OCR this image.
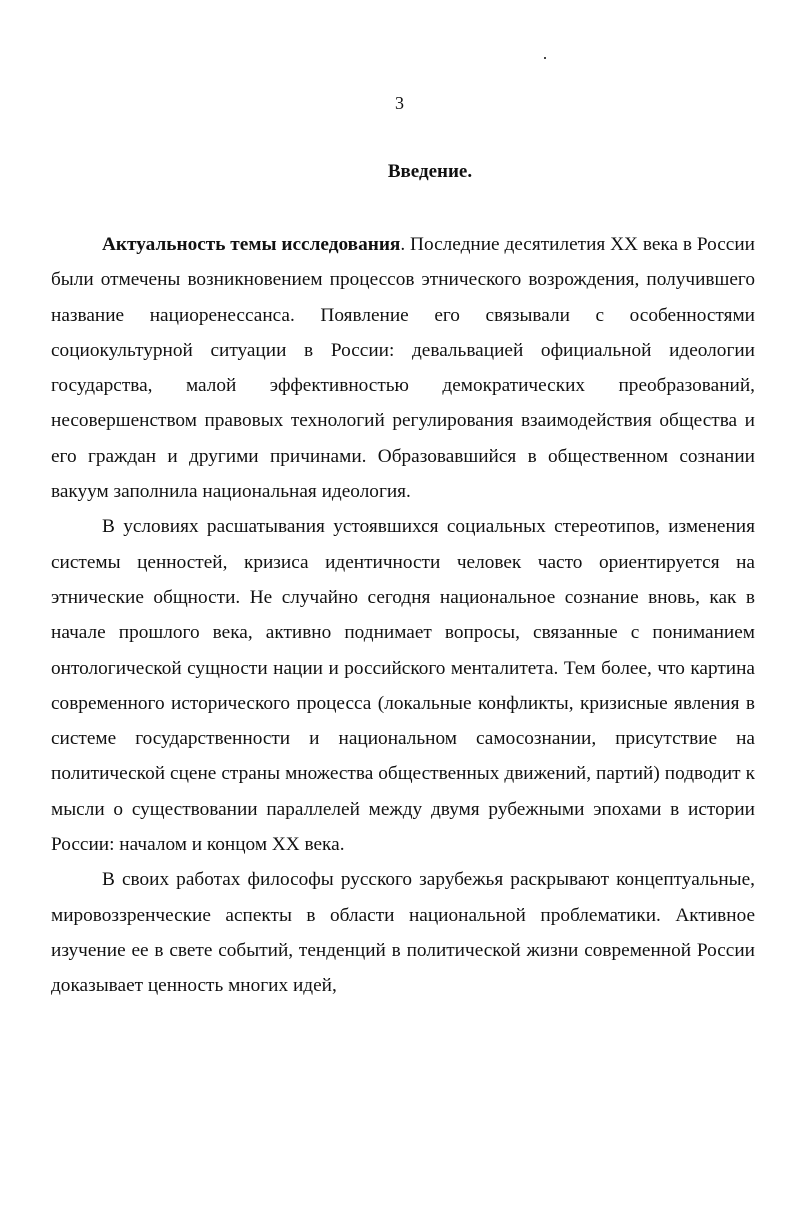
3
Введение.

Актуальность темы исследования. Последние десятилетия XX века в России были отмечены возникновением процессов этнического возрождения, получившего название нациоренессанса. Появление его связывали с особенностями социокультурной ситуации в России: девальвацией официальной идеологии государства, малой эффективностью демократических преобразований, несовершенством правовых технологий регулирования взаимодействия общества и его граждан и другими причинами. Образовавшийся в общественном сознании вакуум заполнила национальная идеология.

В условиях расшатывания устоявшихся социальных стереотипов, изменения системы ценностей, кризиса идентичности человек часто ориентируется на этнические общности. Не случайно сегодня национальное сознание вновь, как в начале прошлого века, активно поднимает вопросы, связанные с пониманием онтологической сущности нации и российского менталитета. Тем более, что картина современного исторического процесса (локальные конфликты, кризисные явления в системе государственности и национальном самосознании, присутствие на политической сцене страны множества общественных движений, партий) подводит к мысли о существовании параллелей между двумя рубежными эпохами в истории России: началом и концом XX века.

В своих работах философы русского зарубежья раскрывают концептуальные, мировоззренческие аспекты в области национальной проблематики. Активное изучение ее в свете событий, тенденций в политической жизни современной России доказывает ценность многих идей,
